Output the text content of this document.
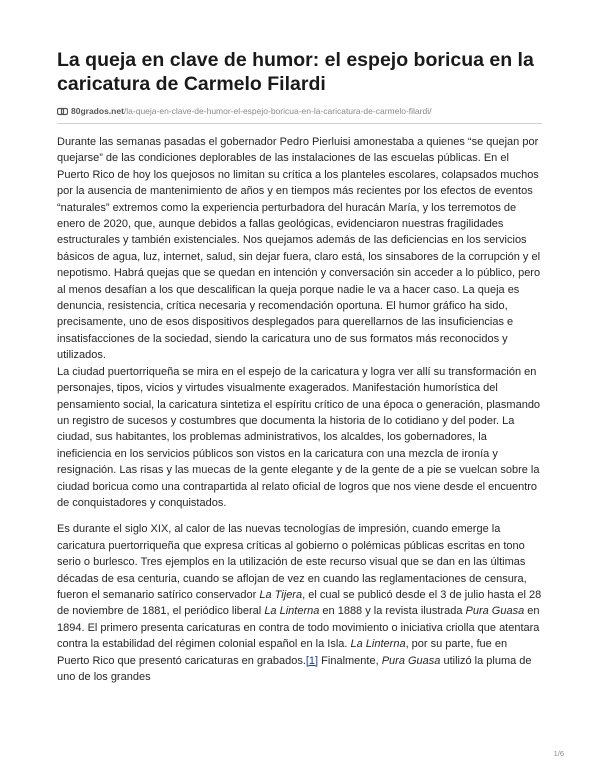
La queja en clave de humor: el espejo boricua en la caricatura de Carmelo Filardi
80grados.net /la-queja-en-clave-de-humor-el-espejo-boricua-en-la-caricatura-de-carmelo-filardi/

Durante las semanas pasadas el gobernador Pedro Pierluisi amonestaba a quienes “se quejan por quejarse” de las condiciones deplorables de las instalaciones de las escuelas públicas. En el Puerto Rico de hoy los quejosos no limitan su crítica a los planteles escolares, colapsados muchos por la ausencia de mantenimiento de años y en tiempos más recientes por los efectos de eventos “naturales” extremos como la experiencia perturbadora del huracán María, y los terremotos de enero de 2020, que, aunque debidos a fallas geológicas, evidenciaron nuestras fragilidades estructurales y también existenciales. Nos quejamos además de las deficiencias en los servicios básicos de agua, luz, internet, salud, sin dejar fuera, claro está, los sinsabores de la corrupción y el nepotismo. Habrá quejas que se quedan en intención y conversación sin acceder a lo público, pero al menos desafían a los que descalifican la queja porque nadie le va a hacer caso. La queja es denuncia, resistencia, crítica necesaria y recomendación oportuna. El humor gráfico ha sido, precisamente, uno de esos dispositivos desplegados para querellarnos de las insuficiencias e insatisfacciones de la sociedad, siendo la caricatura uno de sus formatos más reconocidos y utilizados.

La ciudad puertorriqueña se mira en el espejo de la caricatura y logra ver allí su transformación en personajes, tipos, vicios y virtudes visualmente exagerados. Manifestación humorística del pensamiento social, la caricatura sintetiza el espíritu crítico de una época o generación, plasmando un registro de sucesos y costumbres que documenta la historia de lo cotidiano y del poder. La ciudad, sus habitantes, los problemas administrativos, los alcaldes, los gobernadores, la ineficiencia en los servicios públicos son vistos en la caricatura con una mezcla de ironía y resignación. Las risas y las muecas de la gente elegante y de la gente de a pie se vuelcan sobre la ciudad boricua como una contrapartida al relato oficial de logros que nos viene desde el encuentro de conquistadores y conquistados.

Es durante el siglo XIX, al calor de las nuevas tecnologías de impresión, cuando emerge la caricatura puertorriqueña que expresa críticas al gobierno o polémicas públicas escritas en tono serio o burlesco. Tres ejemplos en la utilización de este recurso visual que se dan en las últimas décadas de esa centuria, cuando se aflojan de vez en cuando las reglamentaciones de censura, fueron el semanario satírico conservador La Tijera, el cual se publicó desde el 3 de julio hasta el 28 de noviembre de 1881, el periódico liberal La Linterna en 1888 y la revista ilustrada Pura Guasa en 1894. El primero presenta caricaturas en contra de todo movimiento o iniciativa criolla que atentara contra la estabilidad del régimen colonial español en la Isla. La Linterna, por su parte, fue en Puerto Rico que presentó caricaturas en grabados.[1] Finalmente, Pura Guasa utilizó la pluma de uno de los grandes

1/6
